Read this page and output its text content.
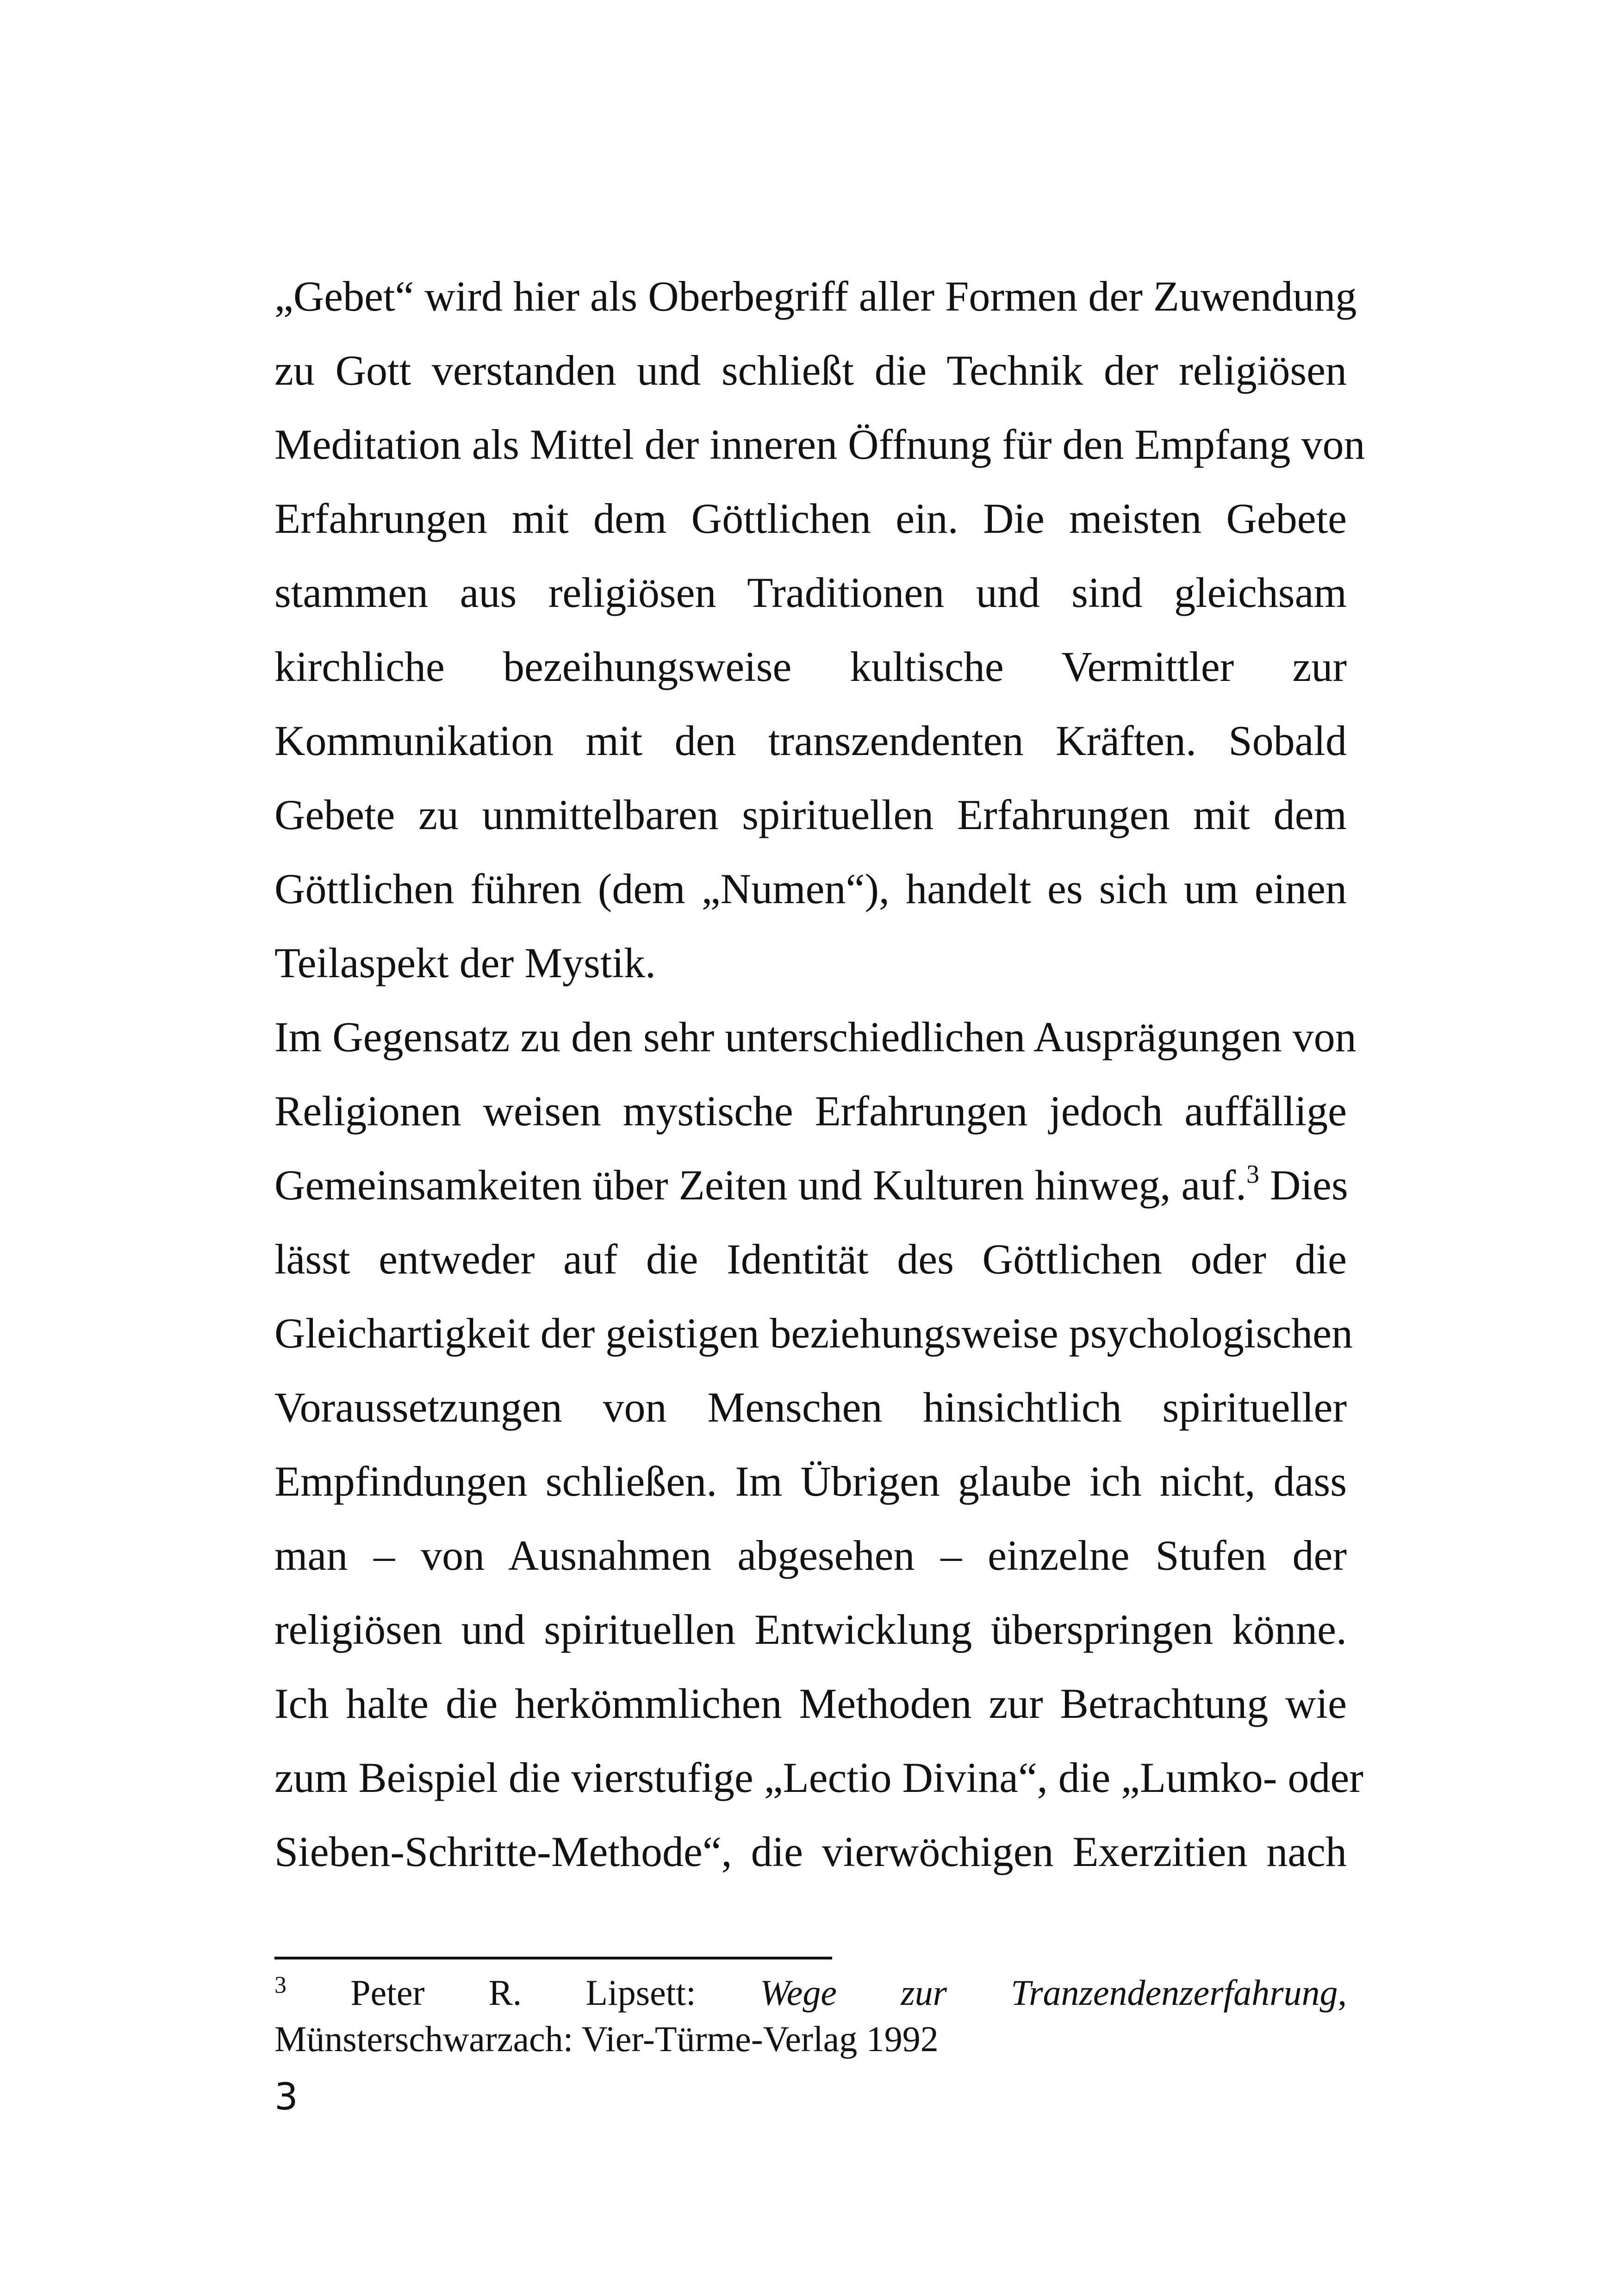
„Gebet“ wird hier als Oberbegriff aller Formen der Zuwendung
zu Gott verstanden und schließt die Technik der religiösen
Meditation als Mittel der inneren Öffnung für den Empfang von
Erfahrungen mit dem Göttlichen ein. Die meisten Gebete
stammen aus religiösen Traditionen und sind gleichsam
kirchliche bezeihungsweise kultische Vermittler zur
Kommunikation mit den transzendenten Kräften. Sobald
Gebete zu unmittelbaren spirituellen Erfahrungen mit dem
Göttlichen führen (dem „Numen“), handelt es sich um einen
Teilaspekt der Mystik.
Im Gegensatz zu den sehr unterschiedlichen Ausprägungen von
Religionen weisen mystische Erfahrungen jedoch auffällige
Gemeinsamkeiten über Zeiten und Kulturen hinweg, auf.$^3$ Dies
lässt entweder auf die Identität des Göttlichen oder die
Gleichartigkeit der geistigen beziehungsweise psychologischen
Voraussetzungen von Menschen hinsichtlich spiritueller
Empfindungen schließen. Im Übrigen glaube ich nicht, dass
man – von Ausnahmen abgesehen – einzelne Stufen der
religiösen und spirituellen Entwicklung überspringen könne.
Ich halte die herkömmlichen Methoden zur Betrachtung wie
zum Beispiel die vierstufige „Lectio Divina“, die „Lumko- oder
Sieben-Schritte-Methode“, die vierwöchigen Exerzitien nach
$^3$ Peter R. Lipsett: Wege zur Tranzendenzerfahrung,
Münsterschwarzach: Vier-Türme-Verlag 1992
3
